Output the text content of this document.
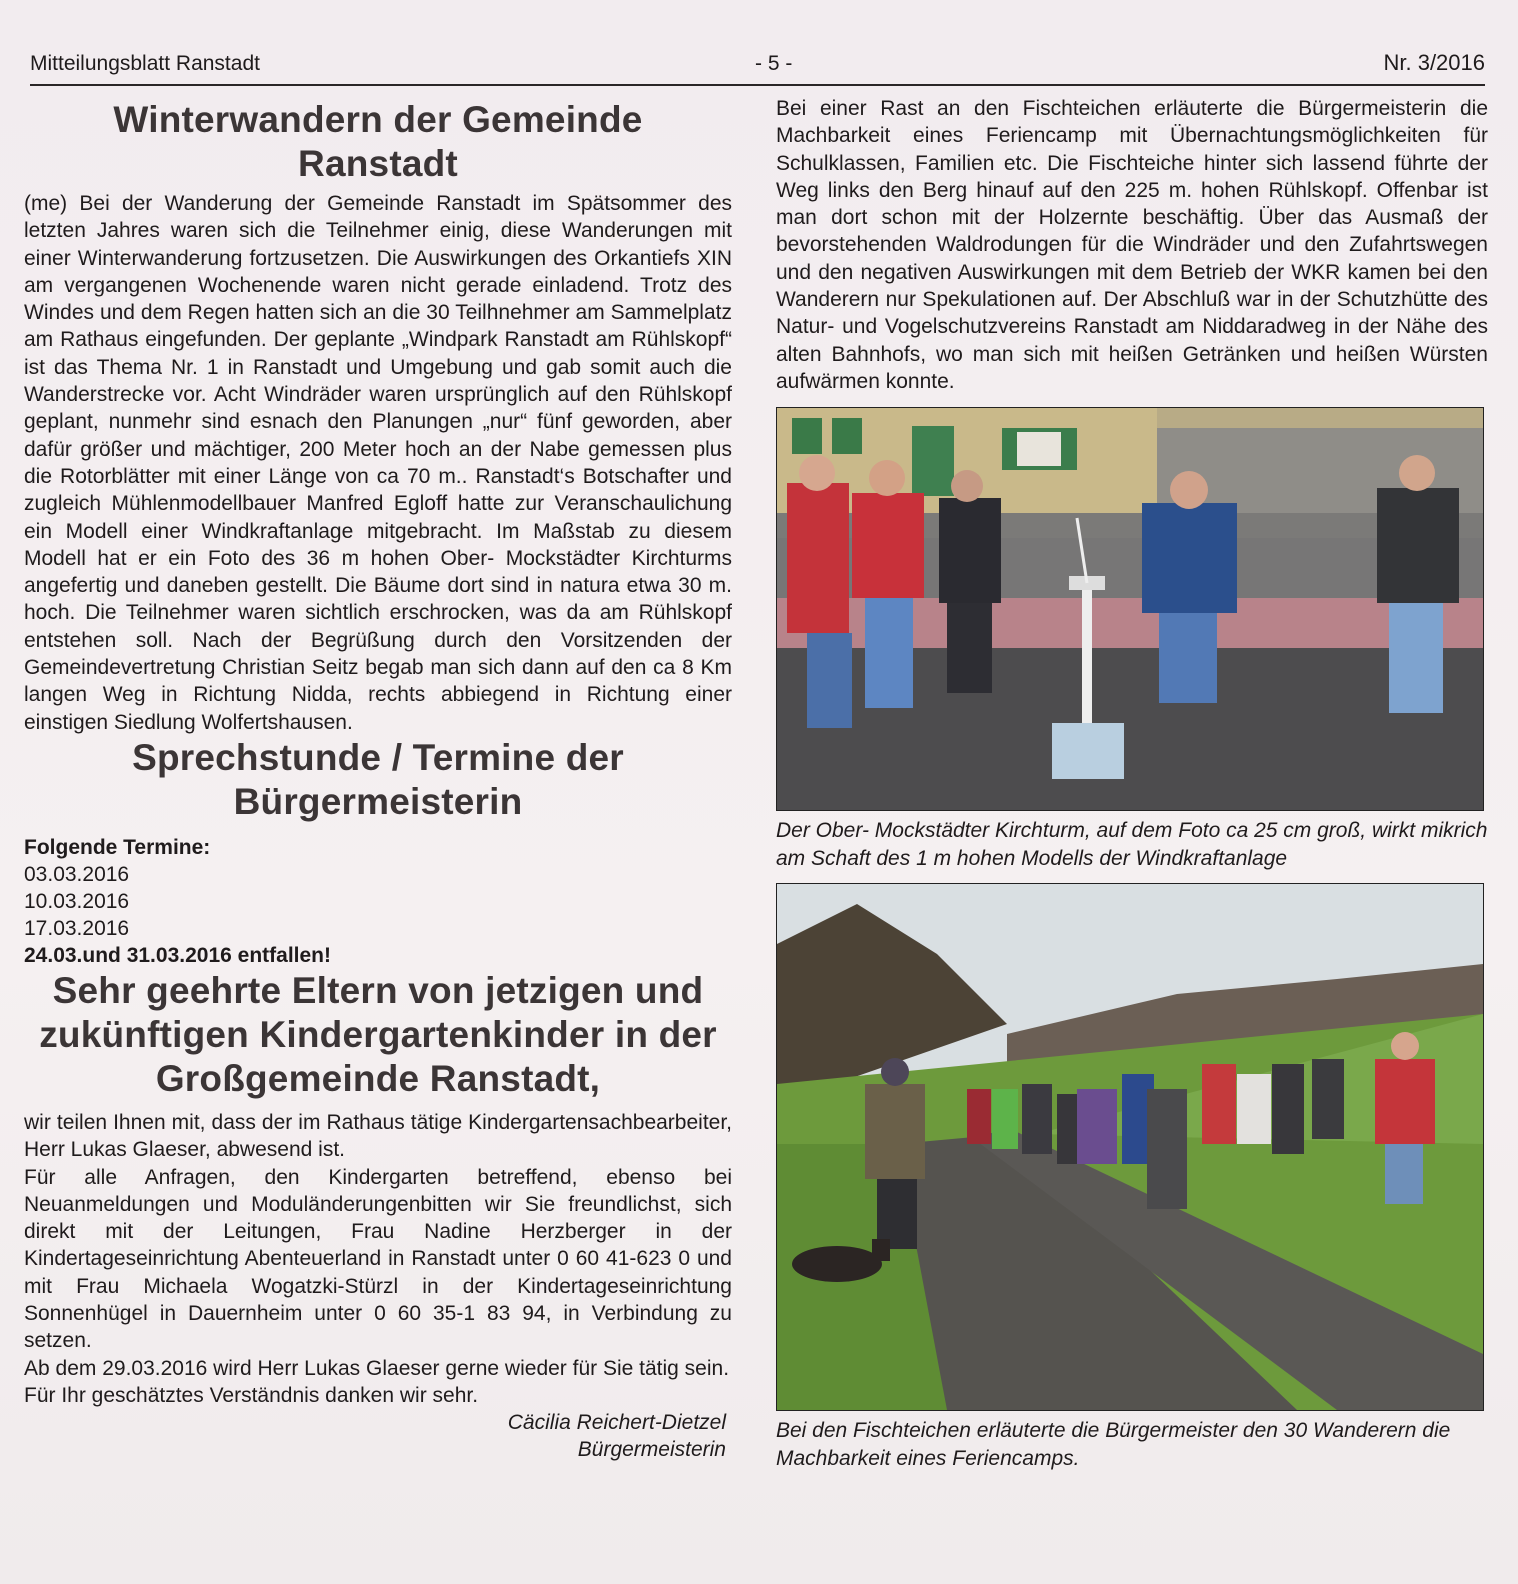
Mitteilungsblatt Ranstadt	- 5 -	Nr. 3/2016
Winterwandern der Gemeinde Ranstadt

(me) Bei der Wanderung der Gemeinde Ranstadt im Spätsommer des letzten Jahres waren sich die Teilnehmer einig, diese Wanderungen mit einer Winterwanderung fortzusetzen. Die Auswirkungen des Orkantiefs XIN am vergangenen Wochenende waren nicht gerade einladend. Trotz des Windes und dem Regen hatten sich an die 30 Teilhnehmer am Sammelplatz am Rathaus eingefunden. Der geplante „Windpark Ranstadt am Rühlskopf“ ist das Thema Nr. 1 in Ranstadt und Umgebung und gab somit auch die Wanderstrecke vor. Acht Windräder waren ursprünglich auf den Rühlskopf geplant, nunmehr sind esnach den Planungen „nur“ fünf geworden, aber dafür größer und mächtiger, 200 Meter hoch an der Nabe gemessen plus die Rotorblätter mit einer Länge von ca 70 m.. Ranstadt‘s Botschafter und zugleich Mühlenmodellbauer Manfred Egloff hatte zur Veranschaulichung ein Modell einer Windkraftanlage mitgebracht. Im Maßstab zu diesem Modell hat er ein Foto des 36 m hohen Ober- Mockstädter Kirchturms angefertig und daneben gestellt. Die Bäume dort sind in natura etwa 30 m. hoch. Die Teilnehmer waren sichtlich erschrocken, was da am Rühlskopf entstehen soll. Nach der Begrüßung durch den Vorsitzenden der Gemeindevertretung Christian Seitz begab man sich dann auf den ca 8 Km langen Weg in Richtung Nidda, rechts abbiegend in Richtung einer einstigen Siedlung Wolfertshausen.

Sprechstunde / Termine der Bürgermeisterin
Folgende Termine:
03.03.2016
10.03.2016
17.03.2016
24.03.und 31.03.2016 entfallen!
Sehr geehrte Eltern von jetzigen und zukünftigen Kindergartenkinder in der Großgemeinde Ranstadt,

wir teilen Ihnen mit, dass der im Rathaus tätige Kindergartensachbearbeiter, Herr Lukas Glaeser, abwesend ist.

Für alle Anfragen, den Kindergarten betreffend, ebenso bei Neuanmeldungen und Moduländerungenbitten wir Sie freundlichst, sich direkt mit der Leitungen, Frau Nadine Herzberger in der Kindertageseinrichtung Abenteuerland in Ranstadt unter 0 60 41-623 0 und mit Frau Michaela Wogatzki-Stürzl in der Kindertageseinrichtung Sonnenhügel in Dauernheim unter 0 60 35-1 83 94, in Verbindung zu setzen.

Ab dem 29.03.2016 wird Herr Lukas Glaeser gerne wieder für Sie tätig sein.

Für Ihr geschätztes Verständnis danken wir sehr.

Cäcilia Reichert-Dietzel
Bürgermeisterin

Bei einer Rast an den Fischteichen erläuterte die Bürgermeisterin die Machbarkeit eines Feriencamp mit Übernachtungsmöglichkeiten für Schulklassen, Familien etc. Die Fischteiche hinter sich lassend führte der Weg links den Berg hinauf auf den 225 m. hohen Rühlskopf. Offenbar ist man dort schon mit der Holzernte beschäftig. Über das Ausmaß der bevorstehenden Waldrodungen für die Windräder und den Zufahrtswegen und den negativen Auswirkungen mit dem Betrieb der WKR kamen bei den Wanderern nur Spekulationen auf. Der Abschluß war in der Schutzhütte des Natur- und Vogelschutzvereins Ranstadt am Niddaradweg in der Nähe des alten Bahnhofs, wo man sich mit heißen Getränken und heißen Würsten aufwärmen konnte.

Der Ober- Mockstädter Kirchturm, auf dem Foto ca 25 cm groß, wirkt mikrich am Schaft des 1 m hohen Modells der Windkraftanlage
Bei den Fischteichen erläuterte die Bürgermeister den 30 Wanderern die Machbarkeit eines Feriencamps.
